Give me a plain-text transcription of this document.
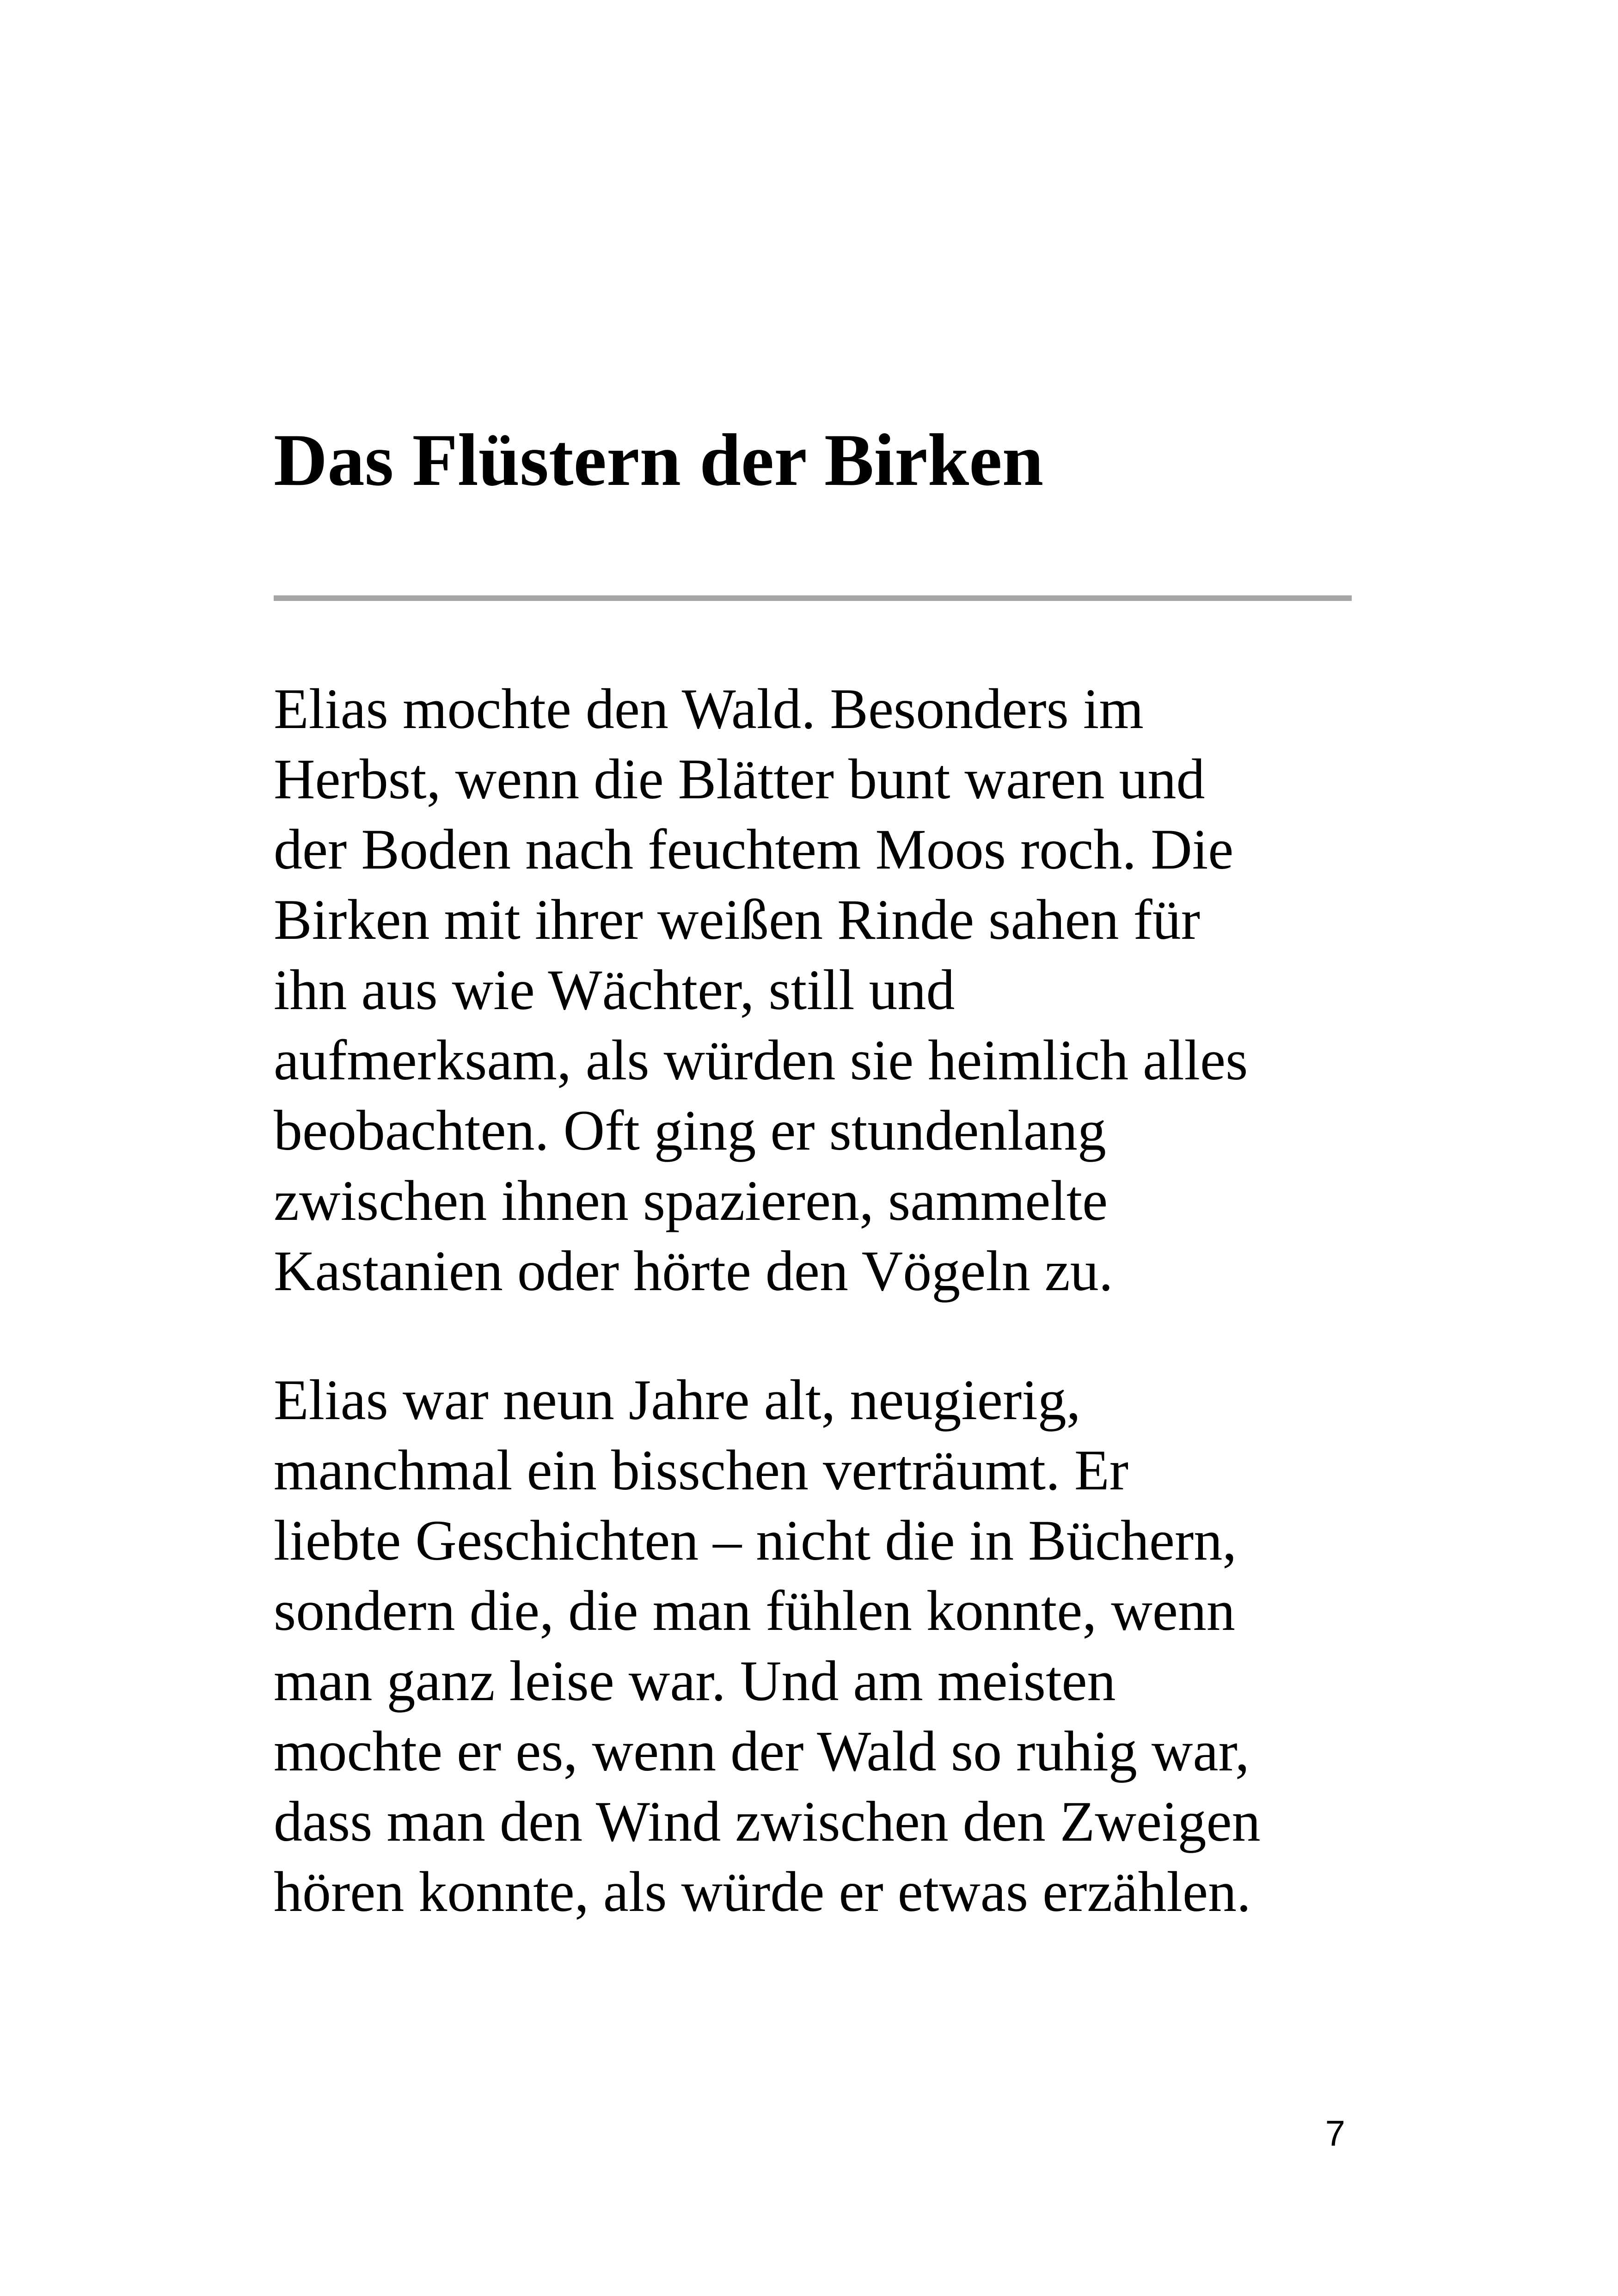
Das Flüstern der Birken
Elias mochte den Wald. Besonders im
Herbst, wenn die Blätter bunt waren und
der Boden nach feuchtem Moos roch. Die
Birken mit ihrer weißen Rinde sahen für
ihn aus wie Wächter, still und
aufmerksam, als würden sie heimlich alles
beobachten. Oft ging er stundenlang
zwischen ihnen spazieren, sammelte
Kastanien oder hörte den Vögeln zu.
Elias war neun Jahre alt, neugierig,
manchmal ein bisschen verträumt. Er
liebte Geschichten – nicht die in Büchern,
sondern die, die man fühlen konnte, wenn
man ganz leise war. Und am meisten
mochte er es, wenn der Wald so ruhig war,
dass man den Wind zwischen den Zweigen
hören konnte, als würde er etwas erzählen.
7
